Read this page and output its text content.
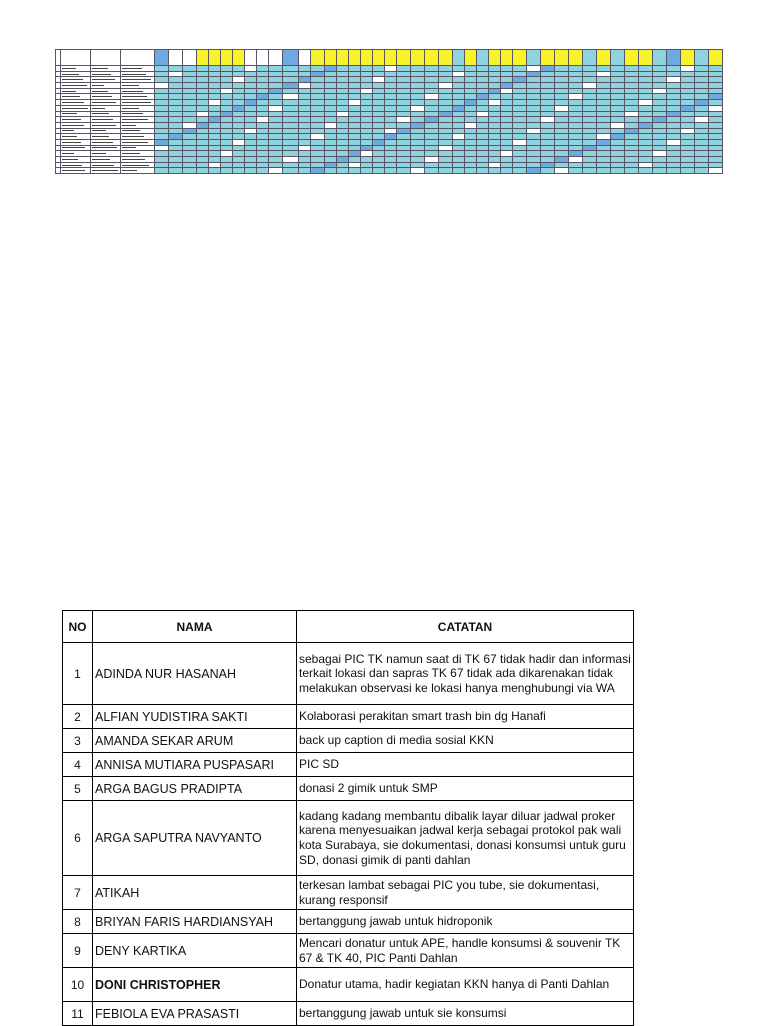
NO	NAMA	CATATAN
1	ADINDA NUR HASANAH	sebagai PIC TK namun saat di TK 67 tidak hadir dan informasi terkait lokasi dan sapras TK 67 tidak ada dikarenakan tidak melakukan observasi ke lokasi hanya menghubungi via WA
2	ALFIAN YUDISTIRA SAKTI	Kolaborasi perakitan smart trash bin dg Hanafi
3	AMANDA SEKAR ARUM	back up caption di media sosial KKN
4	ANNISA MUTIARA PUSPASARI	PIC SD
5	ARGA BAGUS PRADIPTA	donasi 2 gimik untuk SMP
6	ARGA SAPUTRA NAVYANTO	kadang kadang membantu dibalik layar diluar jadwal proker karena menyesuaikan jadwal kerja sebagai protokol pak wali kota Surabaya, sie dokumentasi, donasi konsumsi untuk guru SD, donasi gimik di panti dahlan
7	ATIKAH	terkesan lambat sebagai PIC you tube, sie dokumentasi, kurang responsif
8	BRIYAN FARIS HARDIANSYAH	bertanggung jawab untuk hidroponik
9	DENY KARTIKA	Mencari donatur untuk APE, handle konsumsi & souvenir TK 67 & TK 40, PIC Panti Dahlan
10	DONI CHRISTOPHER	Donatur utama, hadir kegiatan KKN hanya di Panti Dahlan
11	FEBIOLA EVA PRASASTI	bertanggung jawab untuk sie konsumsi
